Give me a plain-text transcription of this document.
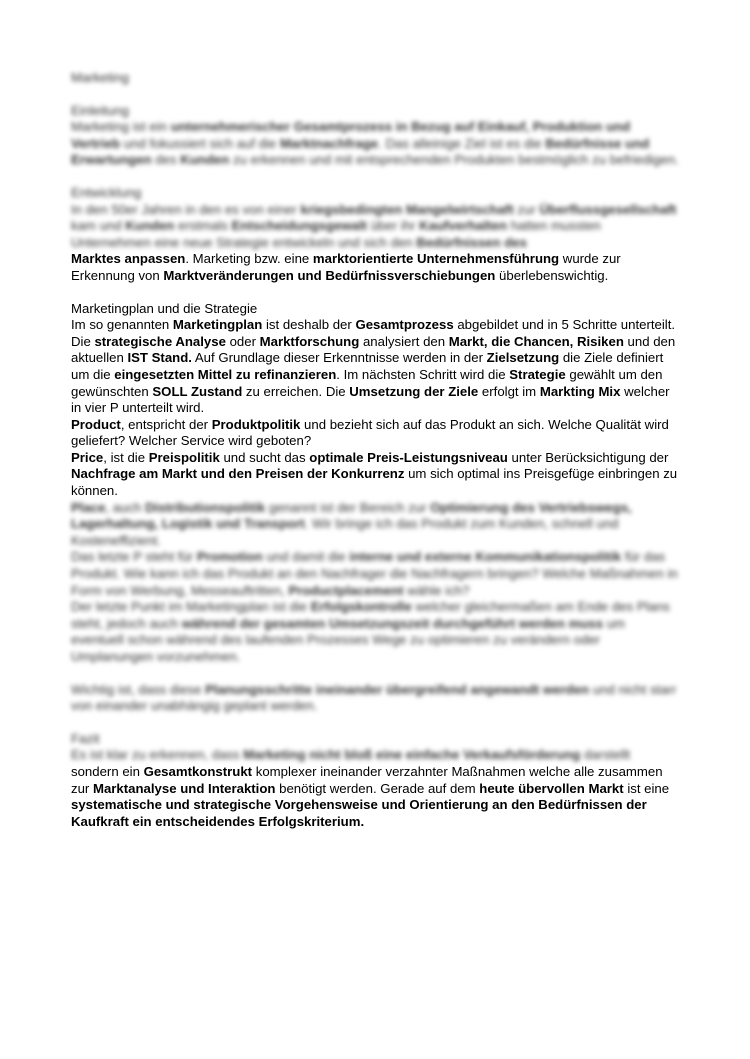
Marketing

Einleitung

Marketing ist ein unternehmerischer Gesamtprozess in Bezug auf Einkauf, Produktion und Vertrieb und fokussiert sich auf die Marktnachfrage. Das alleinige Ziel ist es die Bedürfnisse und Erwartungen des Kunden zu erkennen und mit entsprechenden Produkten bestmöglich zu befriedigen.

Entwicklung

In den 50er Jahren in den es von einer kriegsbedingten Mangelwirtschaft zur Überflussgesellschaft kam und Kunden erstmals Entscheidungsgewalt über ihr Kaufverhalten hatten mussten Unternehmen eine neue Strategie entwickeln und sich den Bedürfnissen des

Marktes anpassen. Marketing bzw. eine marktorientierte Unternehmensführung wurde zur Erkennung von Marktveränderungen und Bedürfnissverschiebungen überlebenswichtig.

Marketingplan und die Strategie

Im so genannten Marketingplan ist deshalb der Gesamtprozess abgebildet und in 5 Schritte unterteilt.

Die strategische Analyse oder Marktforschung analysiert den Markt, die Chancen, Risiken und den aktuellen IST Stand. Auf Grundlage dieser Erkenntnisse werden in der Zielsetzung die Ziele definiert um die eingesetzten Mittel zu refinanzieren. Im nächsten Schritt wird die Strategie gewählt um den gewünschten SOLL Zustand zu erreichen. Die Umsetzung der Ziele erfolgt im Markting Mix welcher in vier P unterteilt wird.

Product, entspricht der Produktpolitik und bezieht sich auf das Produkt an sich. Welche Qualität wird geliefert? Welcher Service wird geboten?

Price, ist die Preispolitik und sucht das optimale Preis-Leistungsniveau unter Berücksichtigung der Nachfrage am Markt und den Preisen der Konkurrenz um sich optimal ins Preisgefüge einbringen zu können.

Place, auch Distributionspolitik genannt ist der Bereich zur Optimierung des Vertriebswegs, Lagerhaltung, Logistik und Transport. Wir bringe ich das Produkt zum Kunden, schnell und Kosteneffizient.

Das letzte P steht für Promotion und damit die interne und externe Kommunikationspolitik für das Produkt. Wie kann ich das Produkt an den Nachfrager die Nachfragern bringen? Welche Maßnahmen in Form von Werbung, Messeauftritten, Productplacement wähle ich?

Der letzte Punkt im Marketingplan ist die Erfolgskontrolle welcher gleichermaßen am Ende des Plans steht, jedoch auch während der gesamten Umsetzungszeit durchgeführt werden muss um eventuell schon während des laufenden Prozesses Wege zu optimieren zu verändern oder Umplanungen vorzunehmen.

Wichtig ist, dass diese Planungsschritte ineinander übergreifend angewandt werden und nicht starr von einander unabhängig geplant werden.

Fazit

Es ist klar zu erkennen, dass Marketing nicht bloß eine einfache Verkaufsförderung darstellt

sondern ein Gesamtkonstrukt komplexer ineinander verzahnter Maßnahmen welche alle zusammen zur Marktanalyse und Interaktion benötigt werden. Gerade auf dem heute übervollen Markt ist eine systematische und strategische Vorgehensweise und Orientierung an den Bedürfnissen der Kaufkraft ein entscheidendes Erfolgskriterium.
